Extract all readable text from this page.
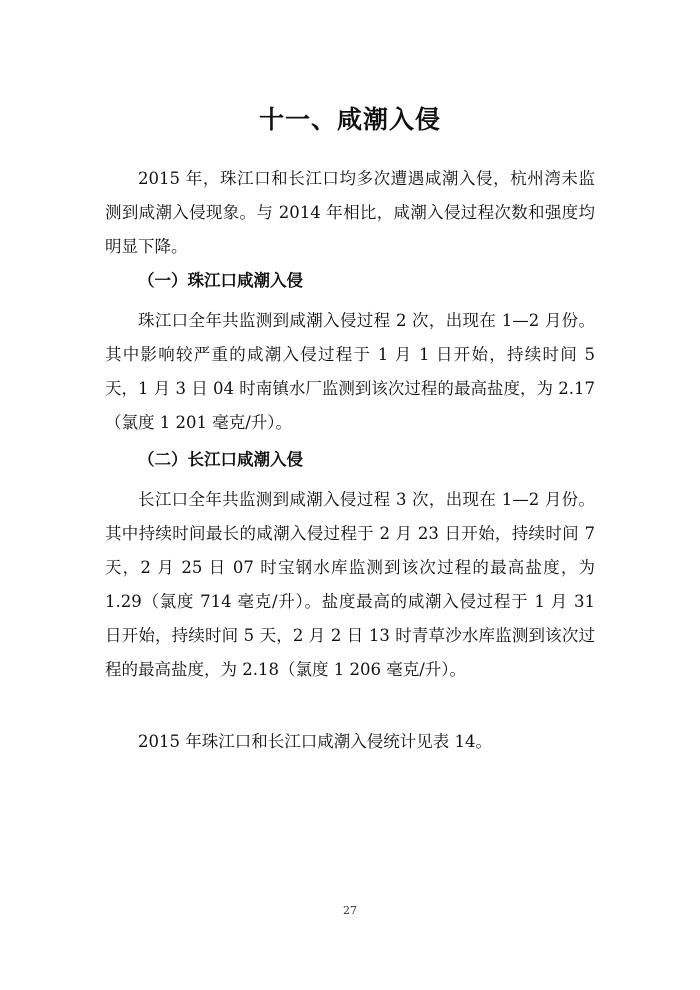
十一、咸潮入侵

2015 年，珠江口和长江口均多次遭遇咸潮入侵，杭州湾未监测到咸潮入侵现象。与 2014 年相比，咸潮入侵过程次数和强度均明显下降。

（一）珠江口咸潮入侵

珠江口全年共监测到咸潮入侵过程 2 次，出现在 1—2 月份。其中影响较严重的咸潮入侵过程于 1 月 1 日开始，持续时间 5 天，1 月 3 日 04 时南镇水厂监测到该次过程的最高盐度，为 2.17（氯度 1 201 毫克/升）。

（二）长江口咸潮入侵

长江口全年共监测到咸潮入侵过程 3 次，出现在 1—2 月份。其中持续时间最长的咸潮入侵过程于 2 月 23 日开始，持续时间 7 天，2 月 25 日 07 时宝钢水库监测到该次过程的最高盐度，为 1.29（氯度 714 毫克/升）。盐度最高的咸潮入侵过程于 1 月 31 日开始，持续时间 5 天，2 月 2 日 13 时青草沙水库监测到该次过程的最高盐度，为 2.18（氯度 1 206 毫克/升）。

2015 年珠江口和长江口咸潮入侵统计见表 14。

27
